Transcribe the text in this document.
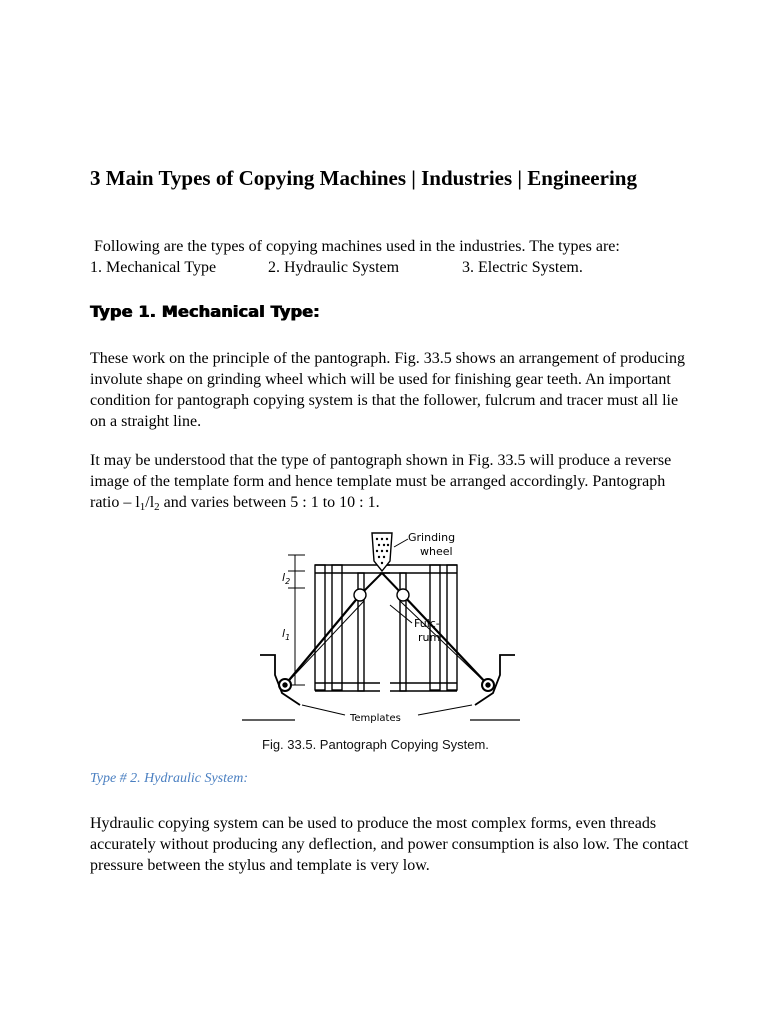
3 Main Types of Copying Machines | Industries | Engineering
Following are the types of copying machines used in the industries. The types are:
1. Mechanical Type	2. Hydraulic System	3. Electric System.
Type 1. Mechanical Type:

These work on the principle of the pantograph. Fig. 33.5 shows an arrangement of producing involute shape on grinding wheel which will be used for finishing gear teeth. An important condition for pantograph copying system is that the follower, fulcrum and tracer must all lie on a straight line.

It may be understood that the type of pantograph shown in Fig. 33.5 will produce a reverse image of the template form and hence template must be arranged accordingly. Pantograph ratio – $l_1/l_2$ and varies between 5 : 1 to 10 : 1.

Grinding
wheel
Fulc-
rum
$l_2$
$l_1$
Templates
Fig. 33.5. Pantograph Copying System.
Type # 2. Hydraulic System:

Hydraulic copying system can be used to produce the most complex forms, even threads accurately without producing any deflection, and power consumption is also low. The contact pressure between the stylus and template is very low.
